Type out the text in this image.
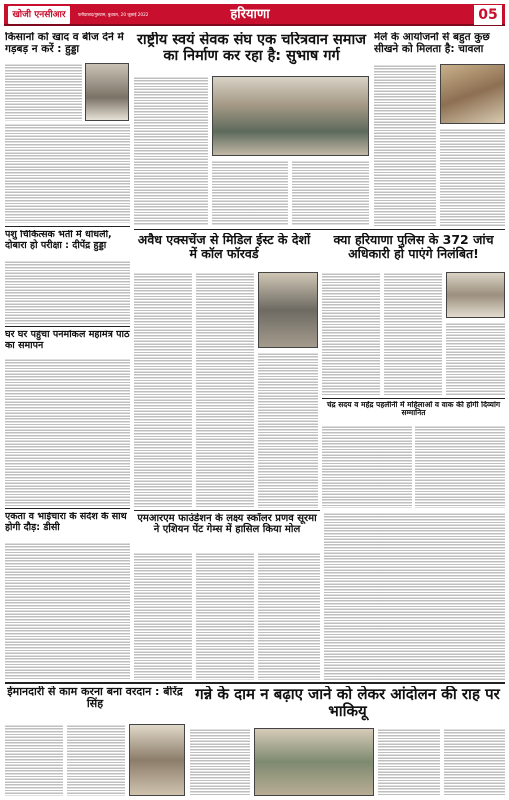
खोजी एनसीआर	फरीदाबाद/गुरुग्राम, बुधवार, 20 जुलाई 2022	हरियाणा	05
किसानों को खाद व बीज देने में गड़बड़ न करें : हुड्डा
राष्ट्रीय स्वयं सेवक संघ एक चरित्रवान समाज का निर्माण कर रहा है: सुभाष गर्ग
मेले के आयोजनों से बहुत कुछ सीखने को मिलता है: चावला
पशु चिकित्सक भर्ती में धांधली, दोबारा हो परीक्षा : दीपेंद्र हुड्डा
घर घर पहुंचा पनमोकल महामंत्र पाठ का समापन
अवैध एक्सचेंज से मिडिल ईस्ट के देशों में कॉल फॉरवर्ड
क्या हरियाणा पुलिस के 372 जांच अधिकारी हो पाएंगे निलंबित!
चंद्र सदय व महेंद्र पहलीनी में महिलाओं व वाक की होगी दिव्यांग सम्मानित
एमआरएम फाउंडेशन के लक्ष्य स्कॉलर प्रणव सूरमा ने एशियन पेंट गेम्स में हासिल किया मोल
एकता व भाईचारा के संदेश के साथ होगी दौड़: डीसी
ईमानदारी से काम करना बना वरदान : बीरेंद्र सिंह
गन्ने के दाम न बढ़ाए जाने को लेकर आंदोलन की राह पर भाकियू
